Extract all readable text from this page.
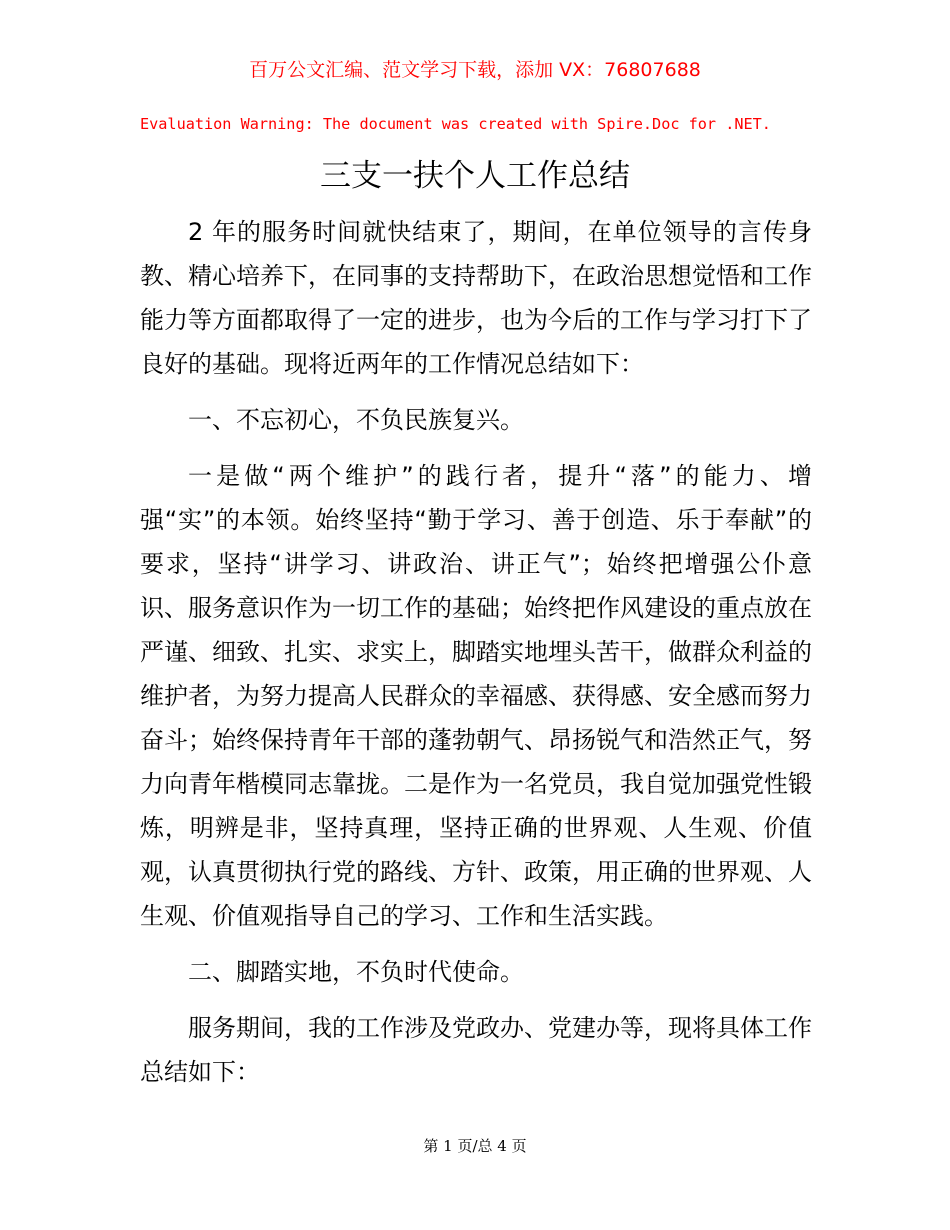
百万公文汇编、范文学习下载，添加 VX：76807688
Evaluation Warning: The document was created with Spire.Doc for .NET.
三支一扶个人工作总结

2 年的服务时间就快结束了，期间，在单位领导的言传身教、精心培养下，在同事的支持帮助下，在政治思想觉悟和工作能力等方面都取得了一定的进步，也为今后的工作与学习打下了良好的基础。现将近两年的工作情况总结如下：

一、不忘初心，不负民族复兴。

一是做“两个维护”的践行者，提升“落”的能力、增强“实”的本领。始终坚持“勤于学习、善于创造、乐于奉献”的要求，坚持“讲学习、讲政治、讲正气”；始终把增强公仆意识、服务意识作为一切工作的基础；始终把作风建设的重点放在严谨、细致、扎实、求实上，脚踏实地埋头苦干，做群众利益的维护者，为努力提高人民群众的幸福感、获得感、安全感而努力奋斗；始终保持青年干部的蓬勃朝气、昂扬锐气和浩然正气，努力向青年楷模同志靠拢。二是作为一名党员，我自觉加强党性锻炼，明辨是非，坚持真理，坚持正确的世界观、人生观、价值观，认真贯彻执行党的路线、方针、政策，用正确的世界观、人生观、价值观指导自己的学习、工作和生活实践。

二、脚踏实地，不负时代使命。

服务期间，我的工作涉及党政办、党建办等，现将具体工作总结如下：

第 1 页/总 4 页
